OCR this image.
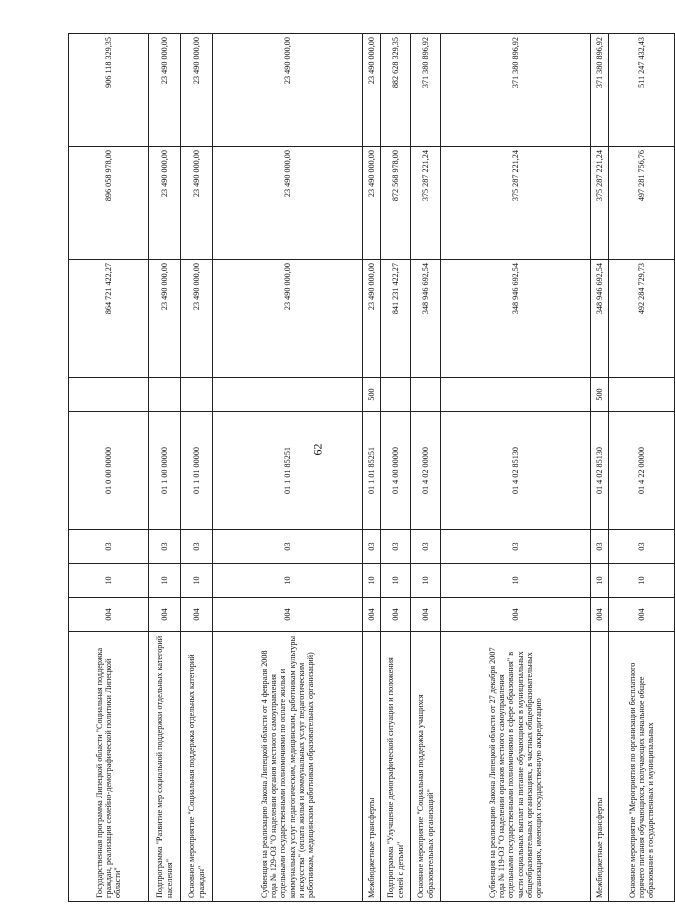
62
Государственная программа Липецкой области "Социальная поддержка граждан, реализация семейно-демографической политики Липецкой области"	004	10	03	01 0 00 00000		864 721 422,27	896 058 978,00	906 118 329,35
Подпрограмма "Развитие мер социальной поддержки отдельных категорий населения"	004	10	03	01 1 00 00000		23 490 000,00	23 490 000,00	23 490 000,00
Основное мероприятие "Социальная поддержка отдельных категорий граждан"	004	10	03	01 1 01 00000		23 490 000,00	23 490 000,00	23 490 000,00
Субвенция на реализацию Закона Липецкой области от 4 февраля 2008 года № 129-ОЗ "О наделении органов местного самоуправления отдельными государственными полномочиями по оплате жилья и коммунальных услуг педагогическим, медицинским, работникам культуры и искусства" (оплата жилья и коммунальных услуг педагогическим работникам, медицинским работникам образовательных организаций)	004	10	03	01 1 01 85251		23 490 000,00	23 490 000,00	23 490 000,00
Межбюджетные трансферты	004	10	03	01 1 01 85251	500	23 490 000,00	23 490 000,00	23 490 000,00
Подпрограмма "Улучшение демографической ситуации и положения семей с детьми"	004	10	03	01 4 00 00000		841 231 422,27	872 568 978,00	882 628 329,35
Основное мероприятие "Социальная поддержка учащихся образовательных организаций"	004	10	03	01 4 02 00000		348 946 692,54	375 287 221,24	371 380 896,92
Субвенция на реализацию Закона Липецкой области от 27 декабря 2007 года № 119-ОЗ "О наделении органов местного самоуправления отдельными государственными полномочиями в сфере образования" в части социальных выплат на питание обучающимся в муниципальных общеобразовательных организациях, в частных общеобразовательных организациях, имеющих государственную аккредитацию	004	10	03	01 4 02 85130		348 946 692,54	375 287 221,24	371 380 896,92
Межбюджетные трансферты	004	10	03	01 4 02 85130	500	348 946 692,54	375 287 221,24	371 380 896,92
Основное мероприятие "Мероприятия по организации бесплатного горячего питания обучающихся, получающих начальное общее образование в государственных и муниципальных	004	10	03	01 4 22 00000		492 284 729,73	497 281 756,76	511 247 432,43
